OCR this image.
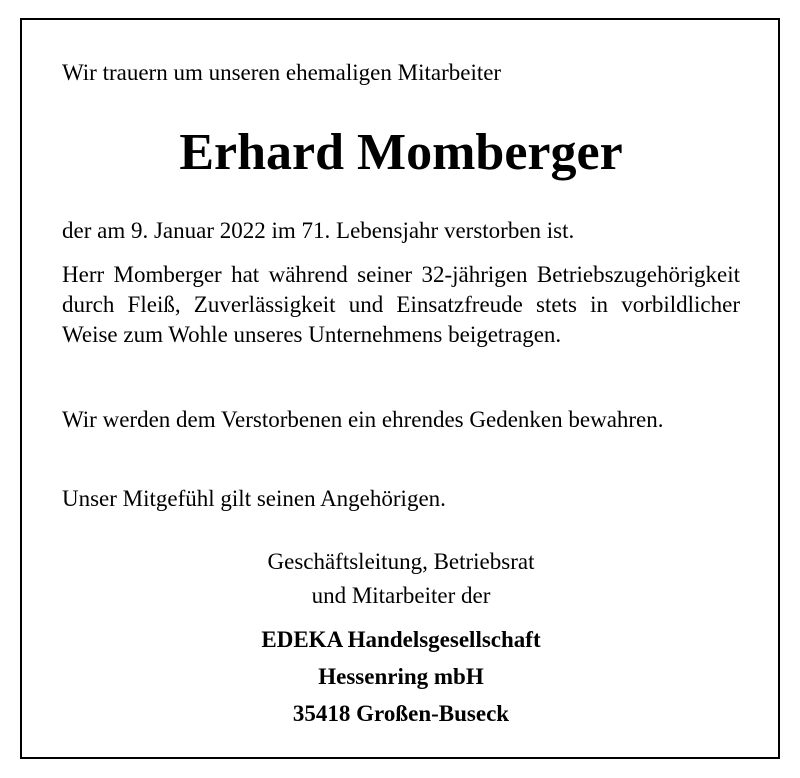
Wir trauern um unseren ehemaligen Mitarbeiter
Erhard Momberger
der am 9. Januar 2022 im 71. Lebensjahr verstorben ist.
Herr Momberger hat während seiner 32-jährigen Betriebszugehörigkeit durch Fleiß, Zuverlässigkeit und Einsatzfreude stets in vorbildlicher Weise zum Wohle unseres Unternehmens beigetragen.
Wir werden dem Verstorbenen ein ehrendes Gedenken bewahren.
Unser Mitgefühl gilt seinen Angehörigen.
Geschäftsleitung, Betriebsrat
und Mitarbeiter der
EDEKA Handelsgesellschaft
Hessenring mbH
35418 Großen-Buseck
